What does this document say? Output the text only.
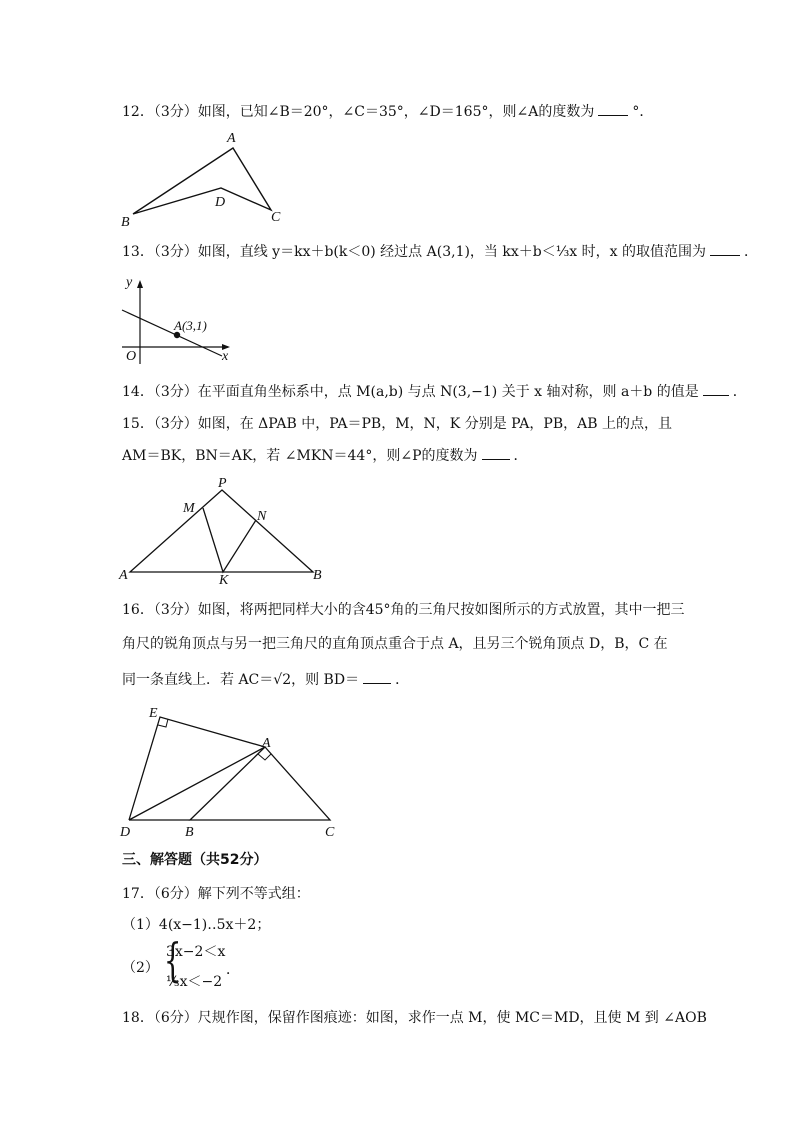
12．（3分）如图，已知∠B＝20°，∠C＝35°，∠D＝165°，则∠A的度数为	°．
A
B	C
D
13．（3分）如图，直线 y＝kx＋b(k＜0) 经过点 A(3,1)，当 kx＋b＜⅓x 时，x 的取值范围为	．
y
x
O
A(3,1)
14．（3分）在平面直角坐标系中，点 M(a,b) 与点 N(3,−1) 关于 x 轴对称，则 a＋b 的值是 ．
15．（3分）如图，在 ΔPAB 中，PA＝PB，M，N，K 分别是 PA，PB，AB 上的点，且
AM＝BK，BN＝AK，若 ∠MKN＝44°，则∠P的度数为	．
P
M
N
A	K	B
16．（3分）如图，将两把同样大小的含45°角的三角尺按如图所示的方式放置，其中一把三
角尺的锐角顶点与另一把三角尺的直角顶点重合于点 A，且另三个锐角顶点 D，B，C 在
同一条直线上．若 AC＝√2，则 BD＝	．
E
A
D	B	C
三、解答题（共52分）
17．（6分）解下列不等式组：
（1）4(x−1)‥5x＋2；
（2） {
3x−2＜x
⅓x＜−2
．
18．（6分）尺规作图，保留作图痕迹：如图，求作一点 M，使 MC＝MD，且使 M 到 ∠AOB
